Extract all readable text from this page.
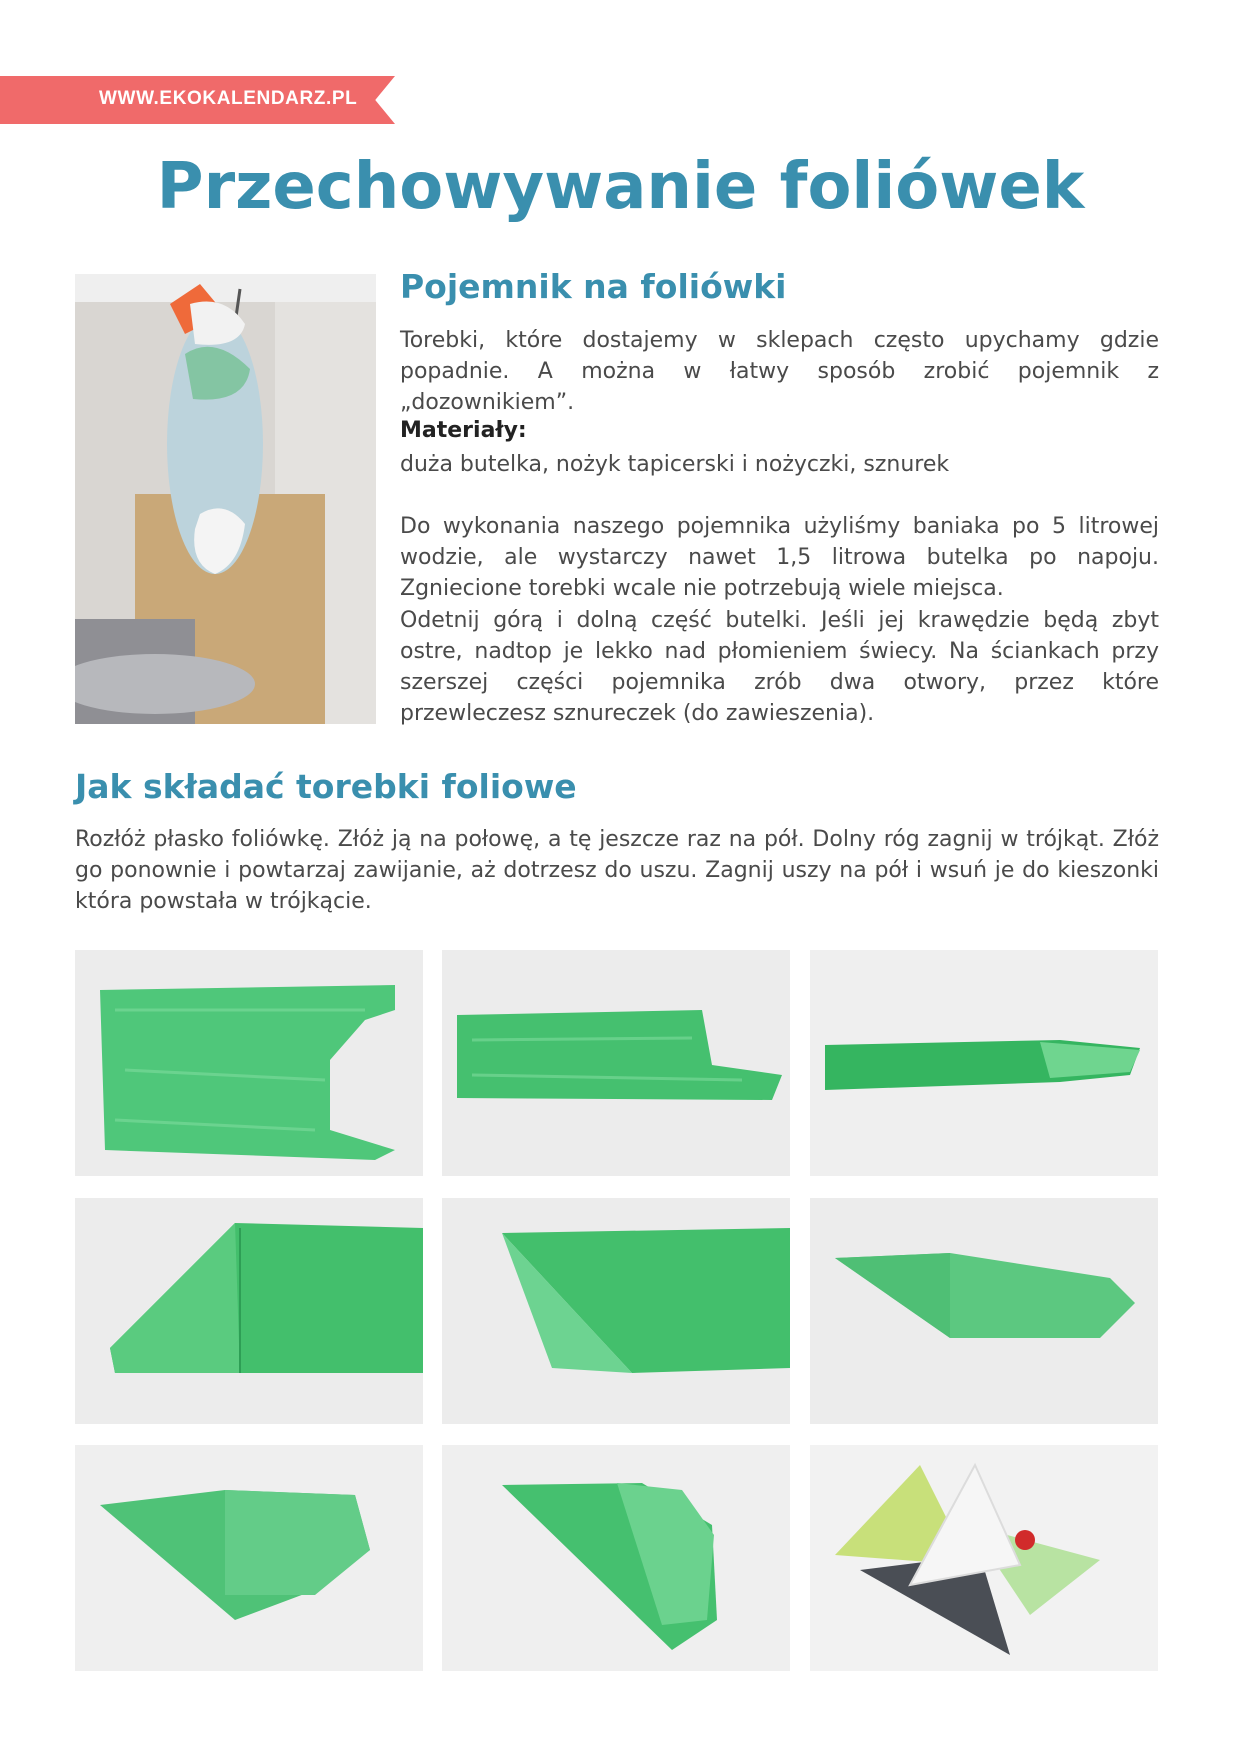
WWW.EKOKALENDARZ.PL
Przechowywanie foliówek
Pojemnik na foliówki

Torebki, które dostajemy w sklepach często upychamy gdzie popadnie. A można w łatwy sposób zrobić pojemnik z „dozownikiem”.

Materiały:

duża butelka, nożyk tapicerski i nożyczki, sznurek

Do wykonania naszego pojemnika użyliśmy baniaka po 5 litrowej wodzie, ale wystarczy nawet 1,5 litrowa butelka po napoju. Zgniecione torebki wcale nie potrzebują wiele miejsca.

Odetnij górą i dolną część butelki. Jeśli jej krawędzie będą zbyt ostre, nadtop je lekko nad płomieniem świecy. Na ściankach przy szerszej części pojemnika zrób dwa otwory, przez które przewleczesz sznureczek (do zawieszenia).

Jak składać torebki foliowe

Rozłóż płasko foliówkę. Złóż ją na połowę, a tę jeszcze raz na pół. Dolny róg zagnij w trójkąt. Złóż go ponownie i powtarzaj zawijanie, aż dotrzesz do uszu. Zagnij uszy na pół i wsuń je do kieszonki która powstała w trójkącie.
